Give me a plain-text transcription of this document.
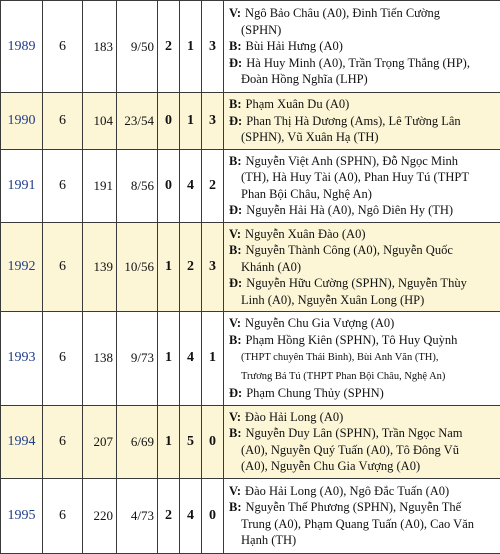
1989	6	183	9/50	2	1	3	V: Ngô Bảo Châu (A0), Đinh Tiến Cường
(SPHN)
B: Bùi Hải Hưng (A0)
Đ: Hà Huy Minh (A0), Trần Trọng Thắng (HP),
Đoàn Hồng Nghĩa (LHP)

1990	6	104	23/54	0	1	3	B: Phạm Xuân Du (A0)
Đ: Phan Thị Hà Dương (Ams), Lê Tường Lân
(SPHN), Vũ Xuân Hạ (TH)

1991	6	191	8/56	0	4	2	B: Nguyễn Việt Anh (SPHN), Đỗ Ngọc Minh
(TH), Hà Huy Tài (A0), Phan Huy Tú (THPT
Phan Bội Châu, Nghệ An)
Đ: Nguyễn Hải Hà (A0), Ngô Diên Hy (TH)

1992	6	139	10/56	1	2	3	V: Nguyễn Xuân Đào (A0)
B: Nguyễn Thành Công (A0), Nguyễn Quốc
Khánh (A0)
Đ: Nguyễn Hữu Cường (SPHN), Nguyễn Thùy
Linh (A0), Nguyễn Xuân Long (HP)

1993	6	138	9/73	1	4	1	V: Nguyễn Chu Gia Vượng (A0)
B: Phạm Hồng Kiên (SPHN), Tô Huy Quỳnh
(THPT chuyên Thái Bình), Bùi Anh Văn (TH),
Trương Bá Tú (THPT Phan Bội Châu, Nghệ An)
Đ: Phạm Chung Thủy (SPHN)

1994	6	207	6/69	1	5	0	V: Đào Hải Long (A0)
B: Nguyễn Duy Lân (SPHN), Trần Ngọc Nam
(A0), Nguyễn Quý Tuấn (A0), Tô Đông Vũ
(A0), Nguyễn Chu Gia Vượng (A0)

1995	6	220	4/73	2	4	0	V: Đào Hải Long (A0), Ngô Đắc Tuấn (A0)
B: Nguyễn Thế Phương (SPHN), Nguyễn Thế
Trung (A0), Phạm Quang Tuấn (A0), Cao Văn
Hạnh (TH)
